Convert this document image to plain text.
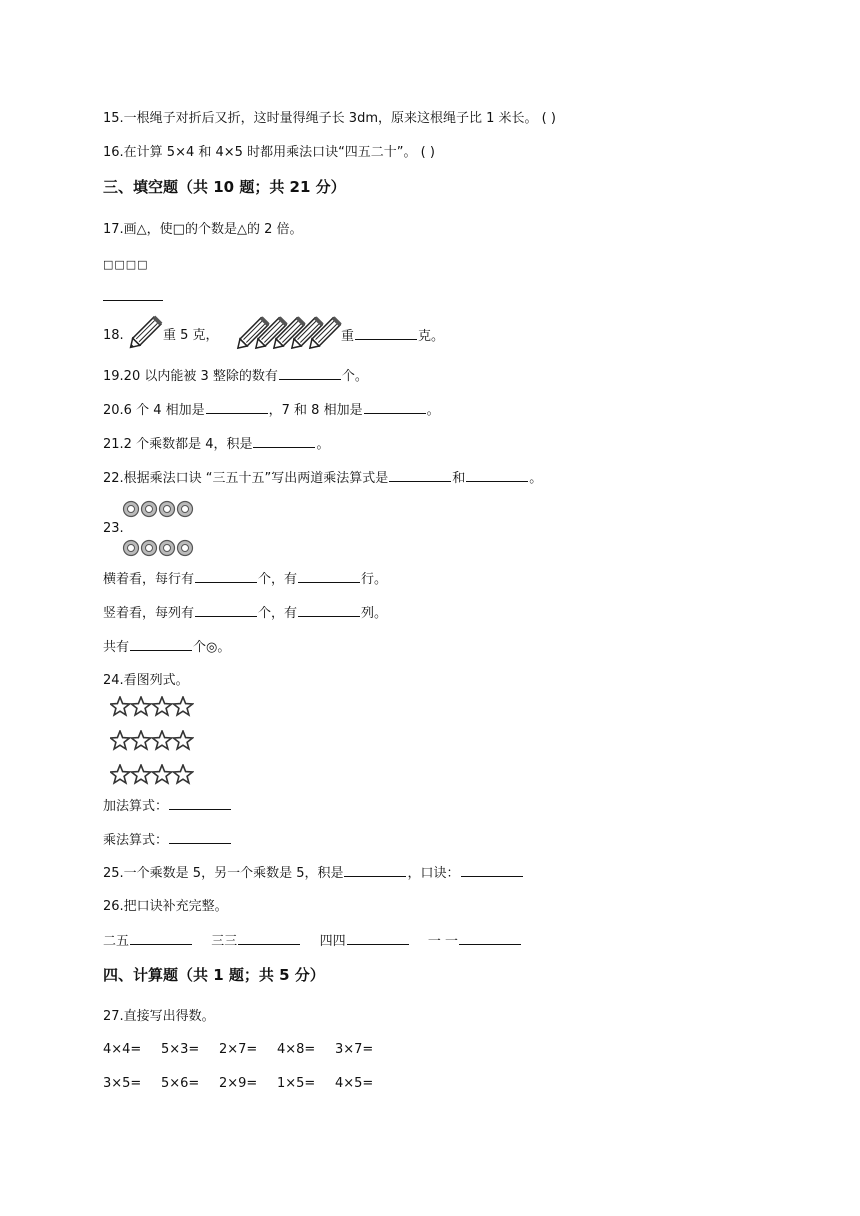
15.一根绳子对折后又折，这时量得绳子长 3dm，原来这根绳子比 1 米长。 ( )
16.在计算 5×4 和 4×5 时都用乘法口诀“四五二十”。 ( )
三、填空题（共 10 题；共 21 分）
17.画△，使□的个数是△的 2 倍。
□□□□
18.	重 5 克，	重	克。
19.20 以内能被 3 整除的数有	个。
20.6 个 4 相加是	，7 和 8 相加是	。
21.2 个乘数都是 4，积是	。
22.根据乘法口诀 “三五十五”写出两道乘法算式是	和	。
23.
横着看，每行有	个，有	行。
竖着看，每列有	个，有	列。
共有	个◎。
24.看图列式。
加法算式：
乘法算式：
25.一个乘数是 5，另一个乘数是 5，积是	，口诀：
26.把口诀补充完整。
二五	三三	四四	一 一
四、计算题（共 1 题；共 5 分）
27.直接写出得数。
4×4= 5×3= 2×7= 4×8= 3×7=
3×5= 5×6= 2×9= 1×5= 4×5=
